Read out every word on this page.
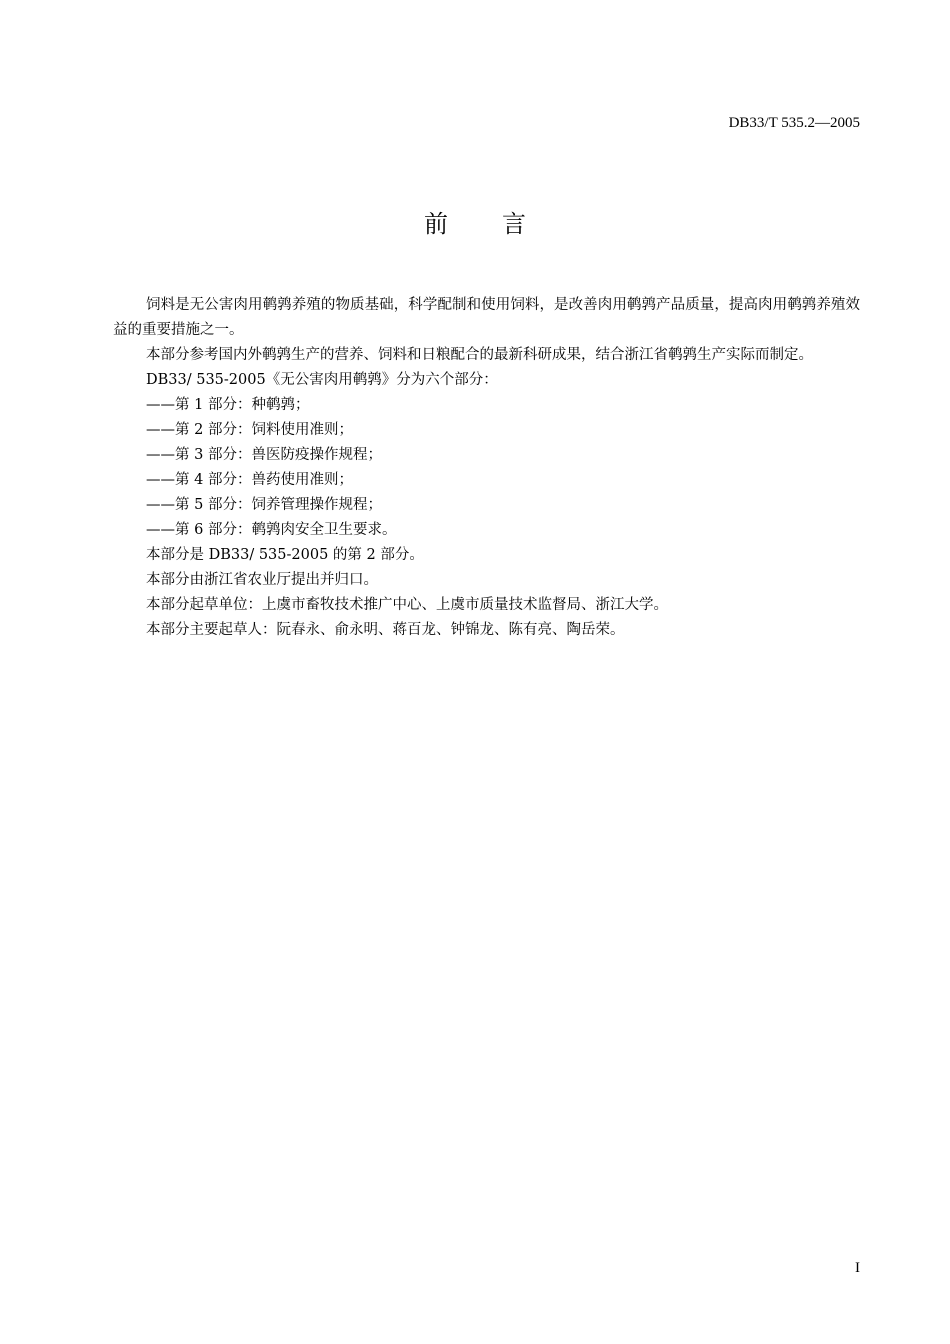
DB33/T 535.2—2005
前言

饲料是无公害肉用鹌鹑养殖的物质基础，科学配制和使用饲料，是改善肉用鹌鹑产品质量，提高肉用鹌鹑养殖效益的重要措施之一。

本部分参考国内外鹌鹑生产的营养、饲料和日粮配合的最新科研成果，结合浙江省鹌鹑生产实际而制定。

DB33/ 535-2005《无公害肉用鹌鹑》分为六个部分：

——第 1 部分：种鹌鹑；

——第 2 部分：饲料使用准则；

——第 3 部分：兽医防疫操作规程；

——第 4 部分：兽药使用准则；

——第 5 部分：饲养管理操作规程；

——第 6 部分：鹌鹑肉安全卫生要求。

本部分是 DB33/ 535-2005 的第 2 部分。

本部分由浙江省农业厅提出并归口。

本部分起草单位：上虞市畜牧技术推广中心、上虞市质量技术监督局、浙江大学。

本部分主要起草人：阮春永、俞永明、蒋百龙、钟锦龙、陈有亮、陶岳荣。

I
